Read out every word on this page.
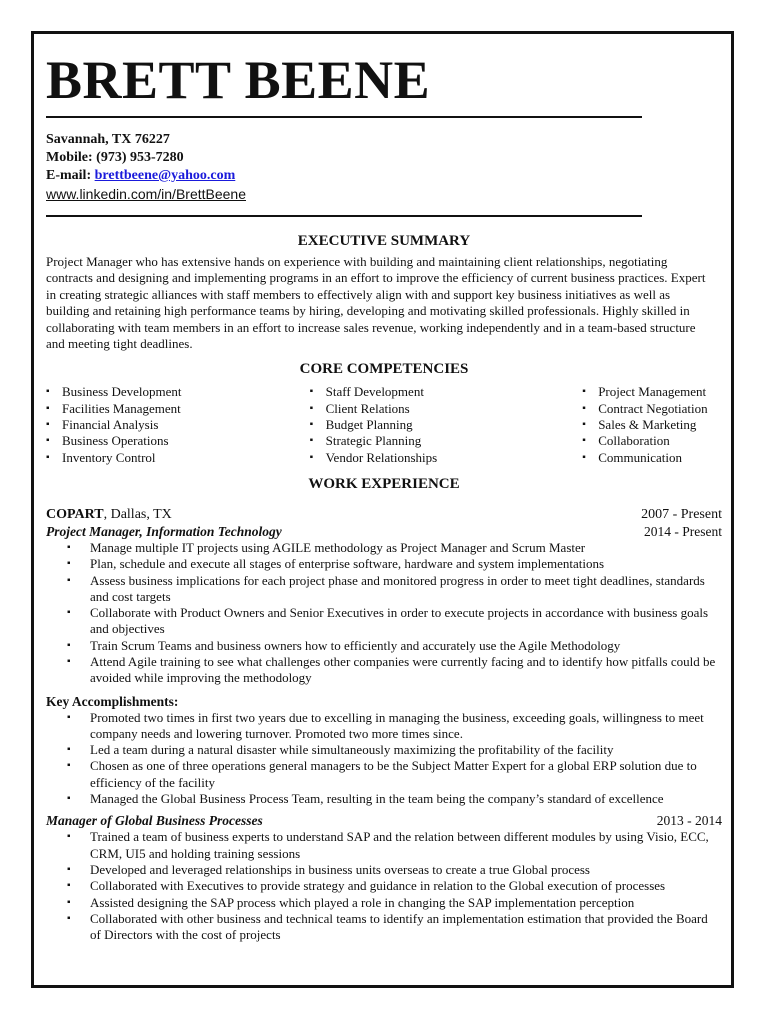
BRETT BEENE
Savannah, TX 76227
Mobile: (973) 953-7280
E-mail: brettbeene@yahoo.com
www.linkedin.com/in/BrettBeene
EXECUTIVE SUMMARY

Project Manager who has extensive hands on experience with building and maintaining client relationships, negotiating contracts and designing and implementing programs in an effort to improve the efficiency of current business practices. Expert in creating strategic alliances with staff members to effectively align with and support key business initiatives as well as building and retaining high performance teams by hiring, developing and motivating skilled professionals. Highly skilled in collaborating with team members in an effort to increase sales revenue, working independently and in a team-based structure and meeting tight deadlines.

CORE COMPETENCIES
▪ Business Development
▪ Facilities Management
▪ Financial Analysis
▪ Business Operations
▪ Inventory Control
▪ Staff Development
▪ Client Relations
▪ Budget Planning
▪ Strategic Planning
▪ Vendor Relationships
▪ Project Management
▪ Contract Negotiation
▪ Sales & Marketing
▪ Collaboration
▪ Communication
WORK EXPERIENCE
COPART, Dallas, TX	2007 - Present
Project Manager, Information Technology	2014 - Present
▪ Manage multiple IT projects using AGILE methodology as Project Manager and Scrum Master
▪ Plan, schedule and execute all stages of enterprise software, hardware and system implementations
▪ Assess business implications for each project phase and monitored progress in order to meet tight deadlines, standards and cost targets
▪ Collaborate with Product Owners and Senior Executives in order to execute projects in accordance with business goals and objectives
▪ Train Scrum Teams and business owners how to efficiently and accurately use the Agile Methodology
▪ Attend Agile training to see what challenges other companies were currently facing and to identify how pitfalls could be avoided while improving the methodology
Key Accomplishments:
▪ Promoted two times in first two years due to excelling in managing the business, exceeding goals, willingness to meet company needs and lowering turnover. Promoted two more times since.
▪ Led a team during a natural disaster while simultaneously maximizing the profitability of the facility
▪ Chosen as one of three operations general managers to be the Subject Matter Expert for a global ERP solution due to efficiency of the facility
▪ Managed the Global Business Process Team, resulting in the team being the company’s standard of excellence
Manager of Global Business Processes	2013 - 2014
▪ Trained a team of business experts to understand SAP and the relation between different modules by using Visio, ECC, CRM, UI5 and holding training sessions
▪ Developed and leveraged relationships in business units overseas to create a true Global process
▪ Collaborated with Executives to provide strategy and guidance in relation to the Global execution of processes
▪ Assisted designing the SAP process which played a role in changing the SAP implementation perception
▪ Collaborated with other business and technical teams to identify an implementation estimation that provided the Board of Directors with the cost of projects
